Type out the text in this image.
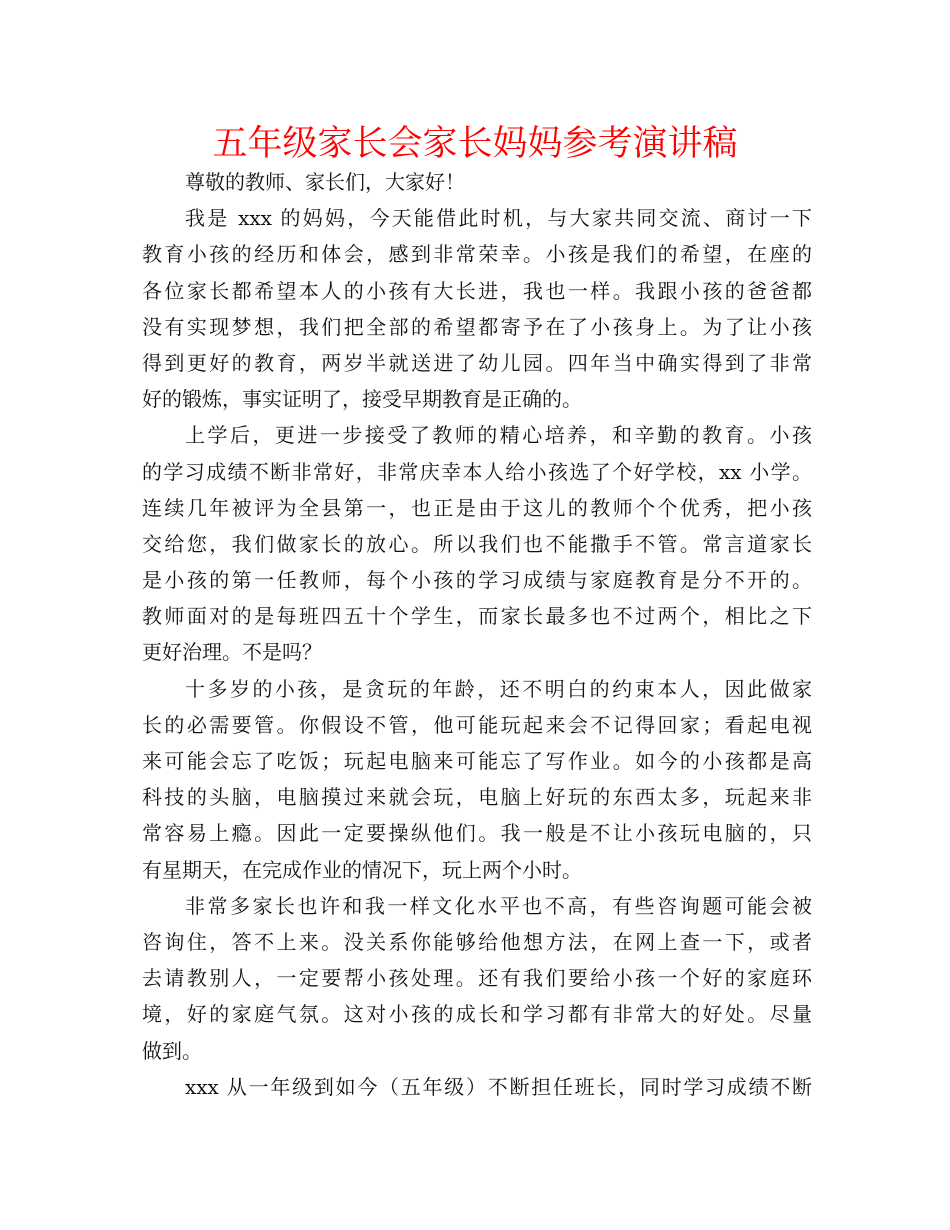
五年级家长会家长妈妈参考演讲稿
尊敬的教师、家长们，大家好！
我是 xxx 的妈妈，今天能借此时机，与大家共同交流、商讨一下
教育小孩的经历和体会，感到非常荣幸。小孩是我们的希望，在座的
各位家长都希望本人的小孩有大长进，我也一样。我跟小孩的爸爸都
没有实现梦想，我们把全部的希望都寄予在了小孩身上。为了让小孩
得到更好的教育，两岁半就送进了幼儿园。四年当中确实得到了非常
好的锻炼，事实证明了，接受早期教育是正确的。
上学后，更进一步接受了教师的精心培养，和辛勤的教育。小孩
的学习成绩不断非常好，非常庆幸本人给小孩选了个好学校，xx 小学。
连续几年被评为全县第一，也正是由于这儿的教师个个优秀，把小孩
交给您，我们做家长的放心。所以我们也不能撒手不管。常言道家长
是小孩的第一任教师，每个小孩的学习成绩与家庭教育是分不开的。
教师面对的是每班四五十个学生，而家长最多也不过两个，相比之下
更好治理。不是吗？
十多岁的小孩，是贪玩的年龄，还不明白的约束本人，因此做家
长的必需要管。你假设不管，他可能玩起来会不记得回家；看起电视
来可能会忘了吃饭；玩起电脑来可能忘了写作业。如今的小孩都是高
科技的头脑，电脑摸过来就会玩，电脑上好玩的东西太多，玩起来非
常容易上瘾。因此一定要操纵他们。我一般是不让小孩玩电脑的，只
有星期天，在完成作业的情况下，玩上两个小时。
非常多家长也许和我一样文化水平也不高，有些咨询题可能会被
咨询住，答不上来。没关系你能够给他想方法，在网上查一下，或者
去请教别人，一定要帮小孩处理。还有我们要给小孩一个好的家庭环
境，好的家庭气氛。这对小孩的成长和学习都有非常大的好处。尽量
做到。
xxx 从一年级到如今（五年级）不断担任班长，同时学习成绩不断
